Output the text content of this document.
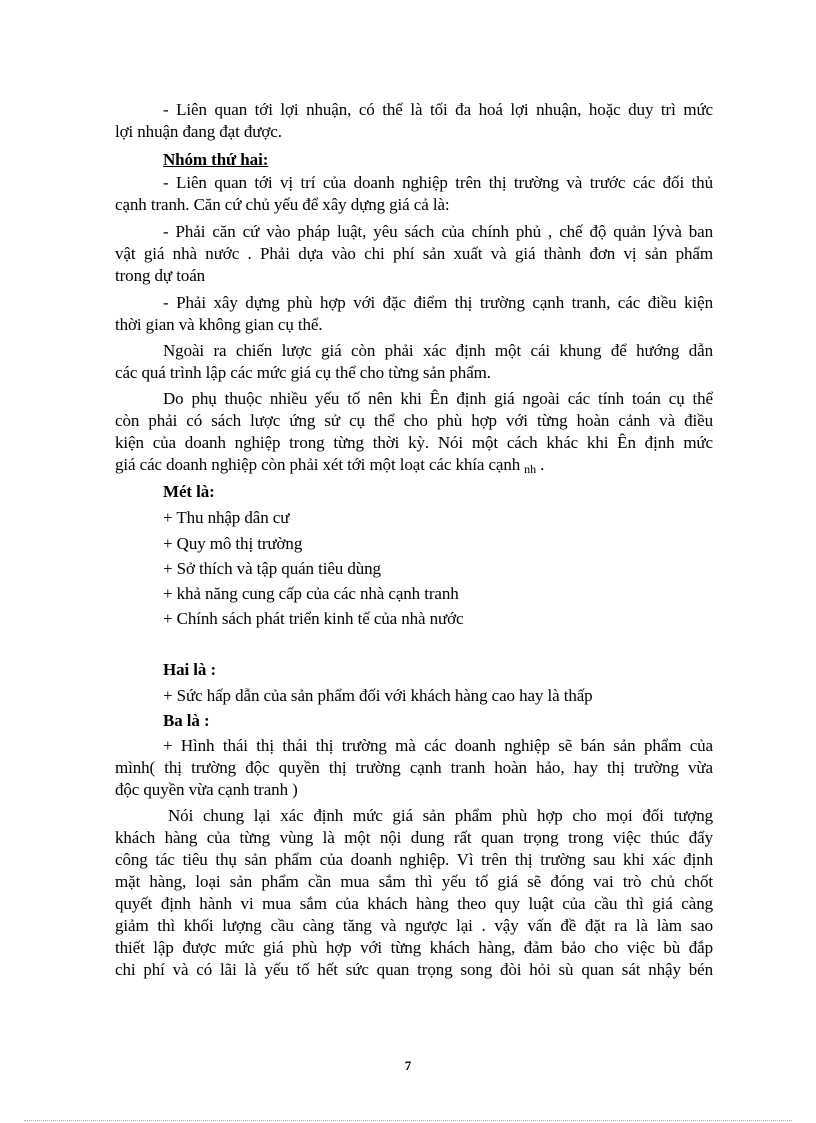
- Liên quan tới lợi nhuận, có thể là tối đa hoá lợi nhuận, hoặc duy trì mức
lợi nhuận đang đạt được.
Nhóm thứ hai:
- Liên quan tới vị trí của doanh nghiệp trên thị trường và trước các đối thủ
cạnh tranh. Căn cứ chủ yếu để xây dựng giá cả là:
- Phải căn cứ vào pháp luật, yêu sách của chính phủ , chế độ quản lývà ban
vật giá nhà nước . Phải dựa vào chi phí sản xuất và giá thành đơn vị sản phẩm
trong dự toán
- Phải xây dựng phù hợp với đặc điểm thị trường cạnh tranh, các điều kiện
thời gian và không gian cụ thể.
Ngoài ra chiến lược giá còn phải xác định một cái khung để hướng dẫn
các quá trình lập các mức giá cụ thể cho từng sản phẩm.
Do phụ thuộc nhiều yếu tố nên khi Ên định giá ngoài các tính toán cụ thể
còn phải có sách lược ứng sử cụ thể cho phù hợp với từng hoàn cảnh và điều
kiện của doanh nghiệp trong từng thời kỳ. Nói một cách khác khi Ên định mức
giá các doanh nghiệp còn phải xét tới một loạt các khía cạnh nh .
Mét là:
+ Thu nhập dân cư
+ Quy mô thị trường
+ Sở thích và tập quán tiêu dùng
+ khả năng cung cấp của các nhà cạnh tranh
+ Chính sách phát triển kinh tế của nhà nước
Hai là :
+ Sức hấp dẫn của sản phẩm đối với khách hàng cao hay là thấp
Ba là :
+ Hình thái thị thái thị trường mà các doanh nghiệp sẽ bán sản phẩm của
mình( thị trường độc quyền thị trường cạnh tranh hoàn hảo, hay thị trường vừa
độc quyền vừa cạnh tranh )
Nói chung lại xác định mức giá sản phẩm phù hợp cho mọi đối tượng
khách hàng của từng vùng là một nội dung rất quan trọng trong việc thúc đẩy
công tác tiêu thụ sản phẩm của doanh nghiệp. Vì trên thị trường sau khi xác định
mặt hàng, loại sản phẩm cần mua sắm thì yếu tố giá sẽ đóng vai trò chủ chốt
quyết định hành vi mua sắm của khách hàng theo quy luật của cầu thì giá càng
giảm thì khối lượng cầu càng tăng và ngược lại . vậy vấn đề đặt ra là làm sao
thiết lập được mức giá phù hợp với từng khách hàng, đảm bảo cho việc bù đắp
chi phí và có lãi là yếu tố hết sức quan trọng song đòi hỏi sù quan sát nhậy bén
7
